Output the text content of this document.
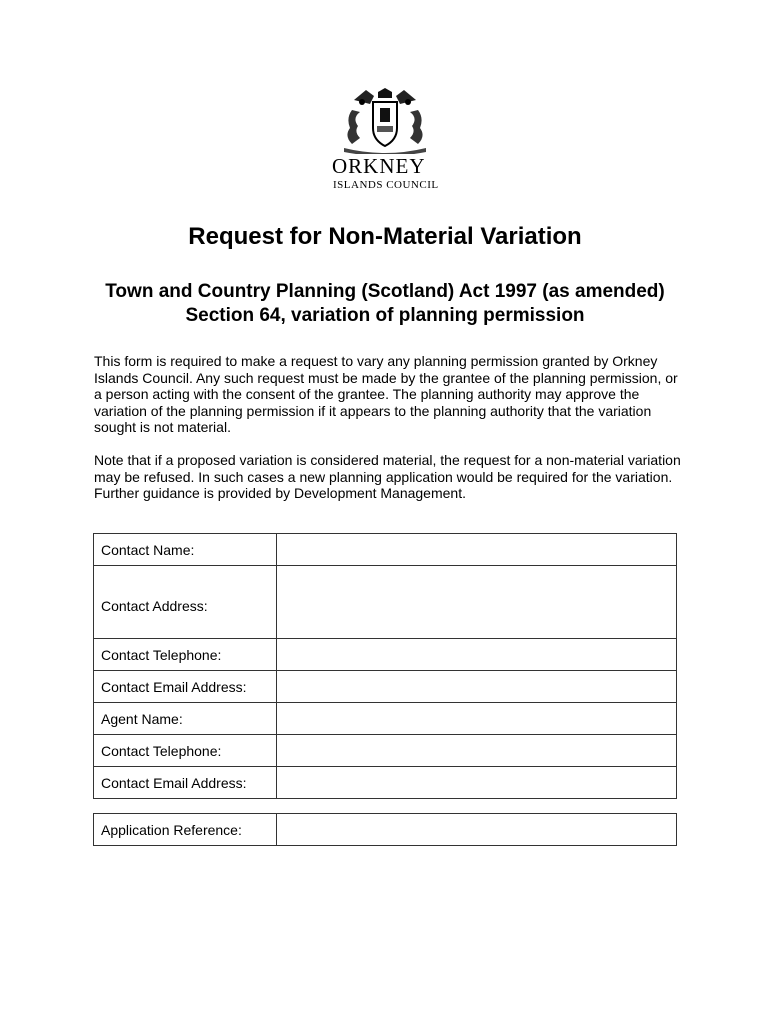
ORKNEY
ISLANDS COUNCIL
Request for Non-Material Variation
Town and Country Planning (Scotland) Act 1997 (as amended) Section 64, variation of planning permission

This form is required to make a request to vary any planning permission granted by Orkney Islands Council. Any such request must be made by the grantee of the planning permission, or a person acting with the consent of the grantee. The planning authority may approve the variation of the planning permission if it appears to the planning authority that the variation sought is not material.

Note that if a proposed variation is considered material, the request for a non-material variation may be refused. In such cases a new planning application would be required for the variation. Further guidance is provided by Development Management.

Contact Name:	
Contact Address:	
Contact Telephone:	
Contact Email Address:	
Agent Name:	
Contact Telephone:	
Contact Email Address:	
Application Reference:	
